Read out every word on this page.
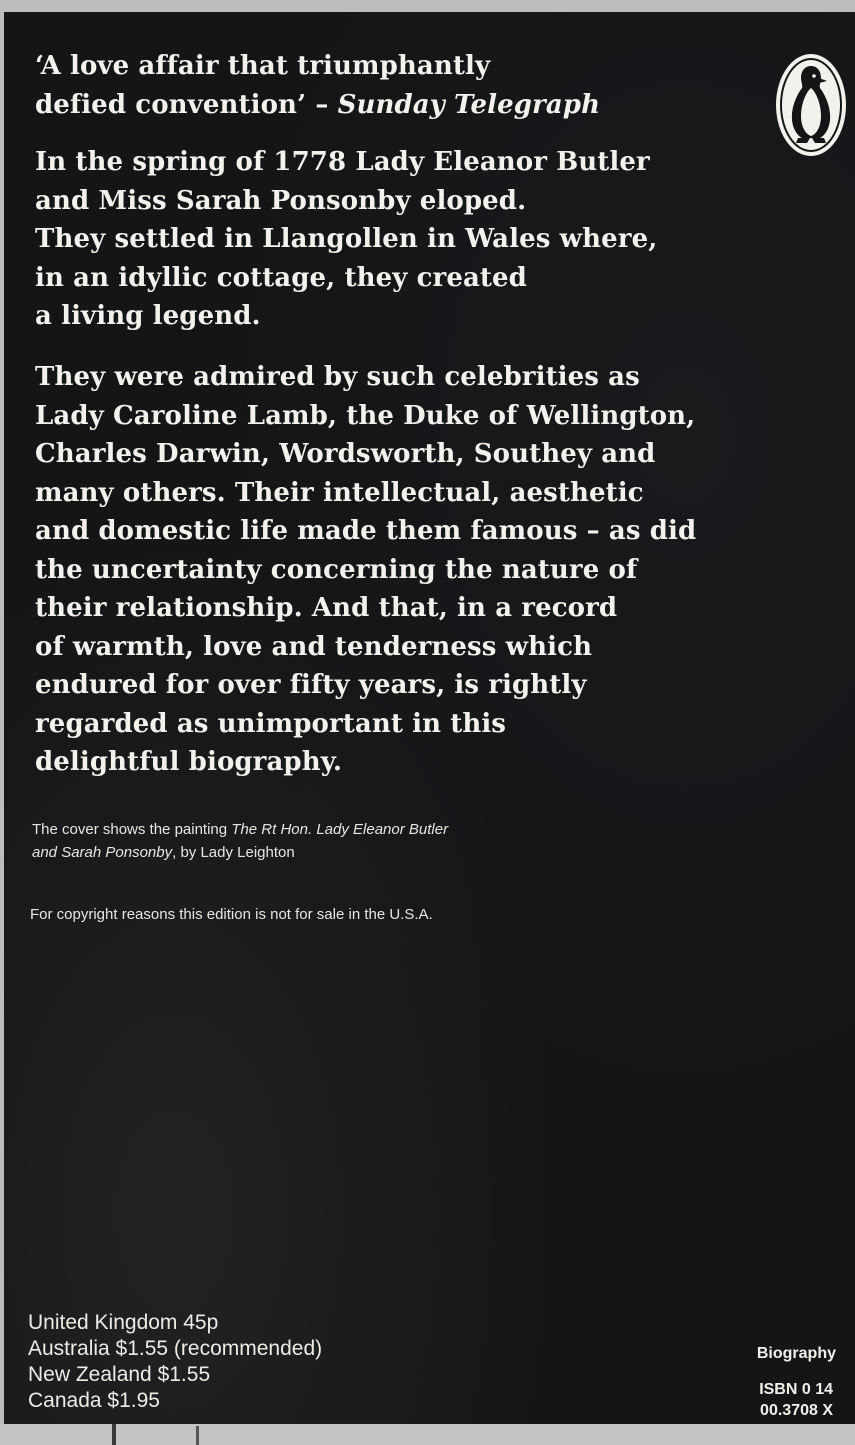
‘A love affair that triumphantly
defied convention’ – Sunday Telegraph

In the spring of 1778 Lady Eleanor Butler
and Miss Sarah Ponsonby eloped.
They settled in Llangollen in Wales where,
in an idyllic cottage, they created
a living legend.

They were admired by such celebrities as
Lady Caroline Lamb, the Duke of Wellington,
Charles Darwin, Wordsworth, Southey and
many others. Their intellectual, aesthetic
and domestic life made them famous – as did
the uncertainty concerning the nature of
their relationship. And that, in a record
of warmth, love and tenderness which
endured for over fifty years, is rightly
regarded as unimportant in this
delightful biography.

The cover shows the painting The Rt Hon. Lady Eleanor Butler
and Sarah Ponsonby, by Lady Leighton

For copyright reasons this edition is not for sale in the U.S.A.

United Kingdom 45p
Australia $1.55 (recommended)
New Zealand $1.55
Canada $1.95
Biography
ISBN 0 14
00.3708 X
